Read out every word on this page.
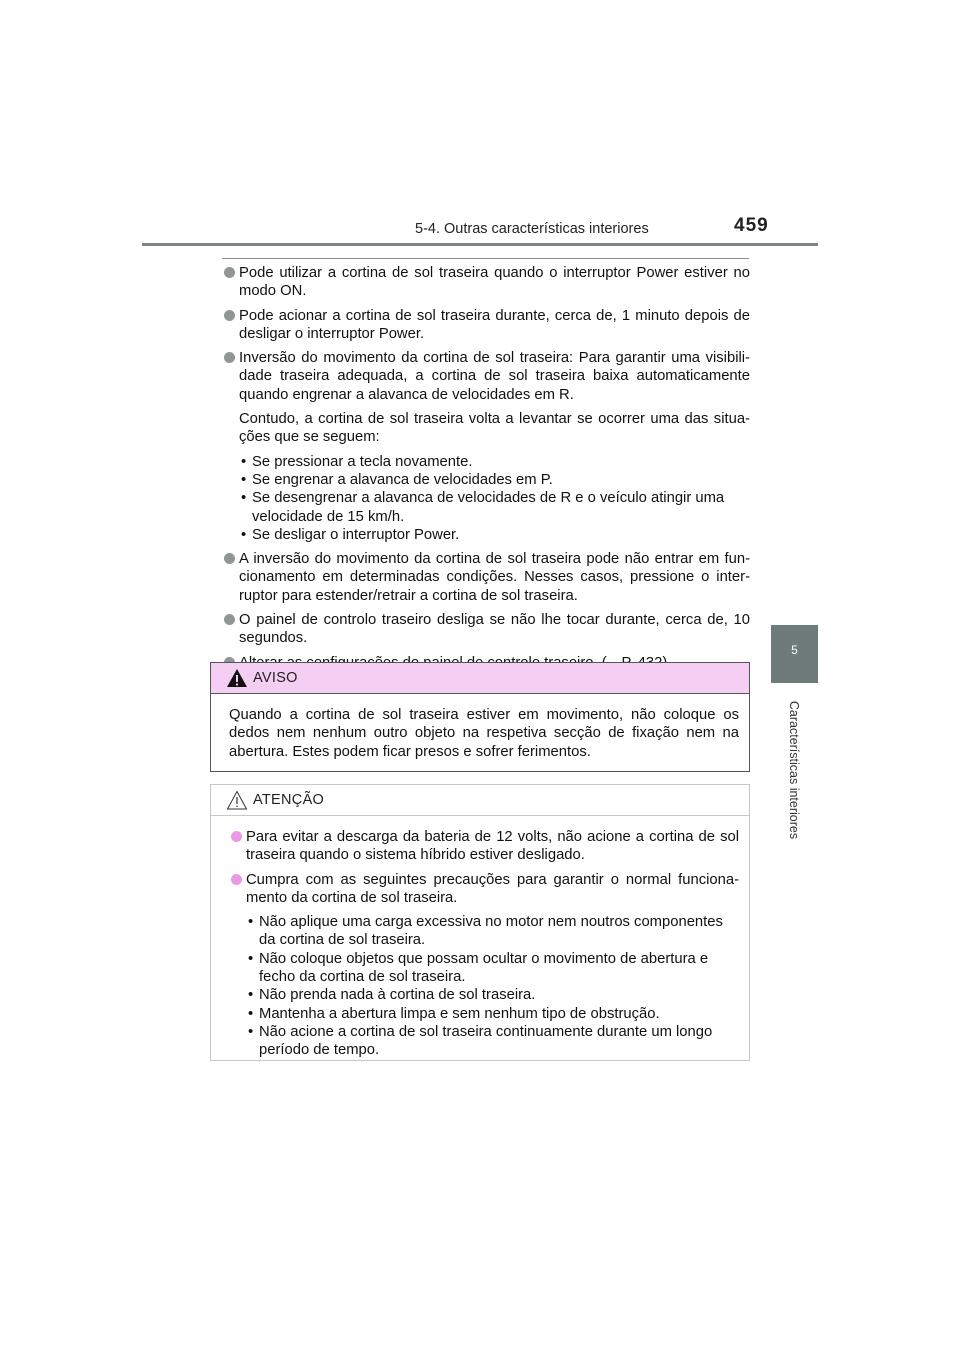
5-4. Outras características interiores	459
5
Características interiores

Pode utilizar a cortina de sol traseira quando o interruptor Power estiver no modo ON.

Pode acionar a cortina de sol traseira durante, cerca de, 1 minuto depois de desligar o interruptor Power.

Inversão do movimento da cortina de sol traseira: Para garantir uma visibili-dade traseira adequada, a cortina de sol traseira baixa automaticamente quando engrenar a alavanca de velocidades em R.

Contudo, a cortina de sol traseira volta a levantar se ocorrer uma das situa-ções que se seguem:

• Se pressionar a tecla novamente.
• Se engrenar a alavanca de velocidades em P.
• Se desengrenar a alavanca de velocidades de R e o veículo atingir uma velocidade de 15 km/h.
• Se desligar o interruptor Power.

A inversão do movimento da cortina de sol traseira pode não entrar em fun-cionamento em determinadas condições. Nesses casos, pressione o inter-ruptor para estender/retrair a cortina de sol traseira.

O painel de controlo traseiro desliga se não lhe tocar durante, cerca de, 10 segundos.

AVISO
Quando a cortina de sol traseira estiver em movimento, não coloque os dedos nem nenhum outro objeto na respetiva secção de fixação nem na abertura. Estes podem ficar presos e sofrer ferimentos.
ATENÇÃO

Para evitar a descarga da bateria de 12 volts, não acione a cortina de sol traseira quando o sistema híbrido estiver desligado.

Cumpra com as seguintes precauções para garantir o normal funciona-mento da cortina de sol traseira.

• Não aplique uma carga excessiva no motor nem noutros componentes da cortina de sol traseira.
• Não coloque objetos que possam ocultar o movimento de abertura e fecho da cortina de sol traseira.
• Não prenda nada à cortina de sol traseira.
• Mantenha a abertura limpa e sem nenhum tipo de obstrução.
• Não acione a cortina de sol traseira continuamente durante um longo período de tempo.
